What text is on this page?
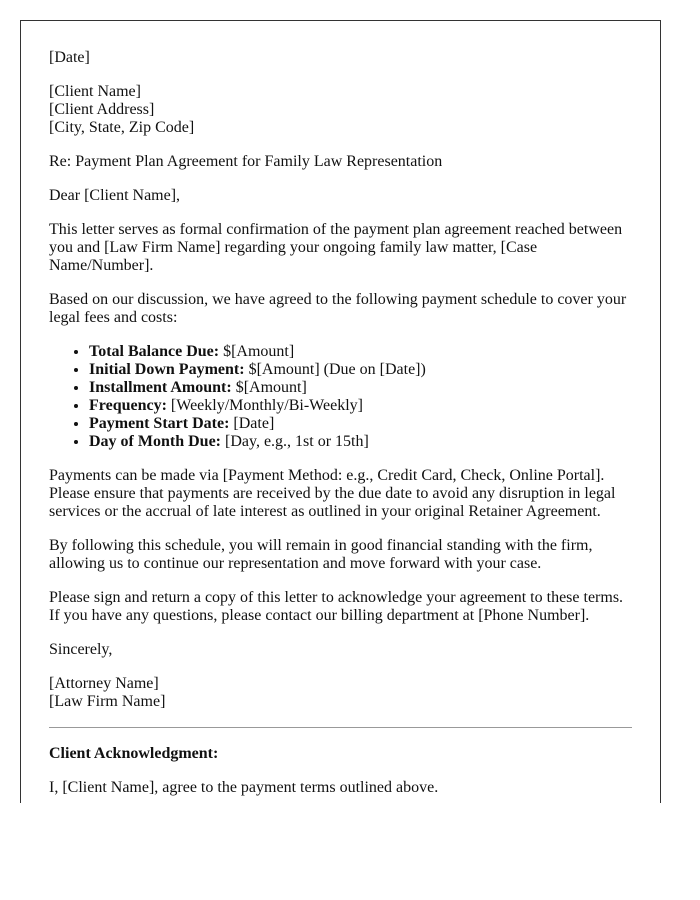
[Date]

[Client Name]
[Client Address]
[City, State, Zip Code]

Re: Payment Plan Agreement for Family Law Representation

Dear [Client Name],

This letter serves as formal confirmation of the payment plan agreement reached between you and [Law Firm Name] regarding your ongoing family law matter, [Case Name/Number].

Based on our discussion, we have agreed to the following payment schedule to cover your legal fees and costs:

• Total Balance Due: $[Amount]
• Initial Down Payment: $[Amount] (Due on [Date])
• Installment Amount: $[Amount]
• Frequency: [Weekly/Monthly/Bi-Weekly]
• Payment Start Date: [Date]
• Day of Month Due: [Day, e.g., 1st or 15th]

Payments can be made via [Payment Method: e.g., Credit Card, Check, Online Portal]. Please ensure that payments are received by the due date to avoid any disruption in legal services or the accrual of late interest as outlined in your original Retainer Agreement.

By following this schedule, you will remain in good financial standing with the firm, allowing us to continue our representation and move forward with your case.

Please sign and return a copy of this letter to acknowledge your agreement to these terms. If you have any questions, please contact our billing department at [Phone Number].

Sincerely,

[Attorney Name]
[Law Firm Name]

Client Acknowledgment:

I, [Client Name], agree to the payment terms outlined above.
